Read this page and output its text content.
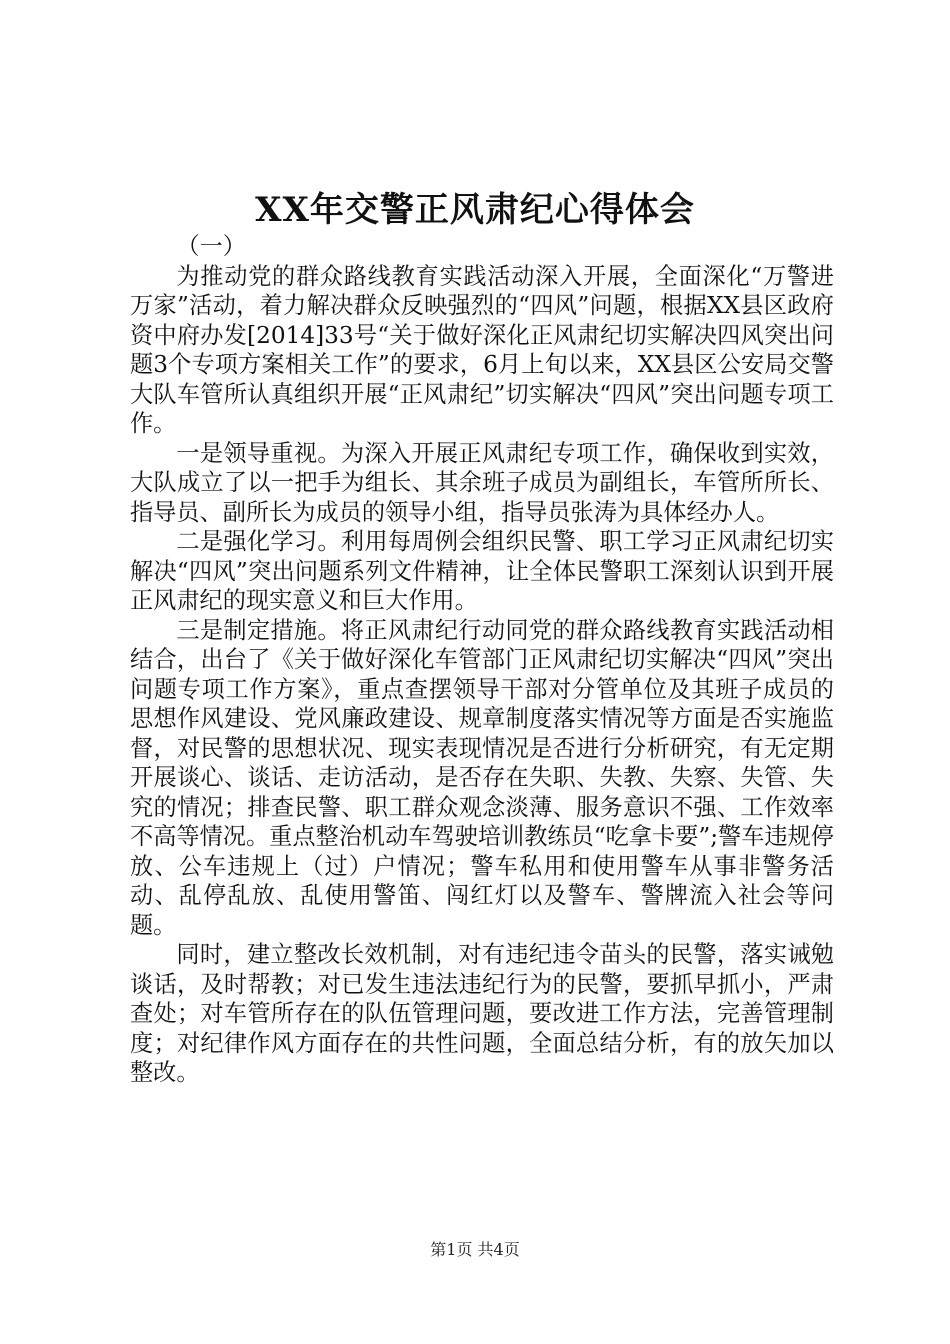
XX年交警正风肃纪心得体会

（一）

为推动党的群众路线教育实践活动深入开展，全面深化“万警进万家”活动，着力解决群众反映强烈的“四风”问题，根据XX县区政府资中府办发[2014]33号“关于做好深化正风肃纪切实解决四风突出问题3个专项方案相关工作”的要求，6月上旬以来，XX县区公安局交警大队车管所认真组织开展“正风肃纪”切实解决“四风”突出问题专项工作。

一是领导重视。为深入开展正风肃纪专项工作，确保收到实效，大队成立了以一把手为组长、其余班子成员为副组长，车管所所长、指导员、副所长为成员的领导小组，指导员张涛为具体经办人。

二是强化学习。利用每周例会组织民警、职工学习正风肃纪切实解决“四风”突出问题系列文件精神，让全体民警职工深刻认识到开展正风肃纪的现实意义和巨大作用。

三是制定措施。将正风肃纪行动同党的群众路线教育实践活动相结合，出台了《关于做好深化车管部门正风肃纪切实解决“四风”突出问题专项工作方案》，重点查摆领导干部对分管单位及其班子成员的思想作风建设、党风廉政建设、规章制度落实情况等方面是否实施监督，对民警的思想状况、现实表现情况是否进行分析研究，有无定期开展谈心、谈话、走访活动，是否存在失职、失教、失察、失管、失究的情况；排查民警、职工群众观念淡薄、服务意识不强、工作效率不高等情况。重点整治机动车驾驶培训教练员“吃拿卡要”;警车违规停放、公车违规上（过）户情况；警车私用和使用警车从事非警务活动、乱停乱放、乱使用警笛、闯红灯以及警车、警牌流入社会等问题。

同时，建立整改长效机制，对有违纪违令苗头的民警，落实诫勉谈话，及时帮教；对已发生违法违纪行为的民警，要抓早抓小，严肃查处；对车管所存在的队伍管理问题，要改进工作方法，完善管理制度；对纪律作风方面存在的共性问题，全面总结分析，有的放矢加以整改。

第1页 共4页
